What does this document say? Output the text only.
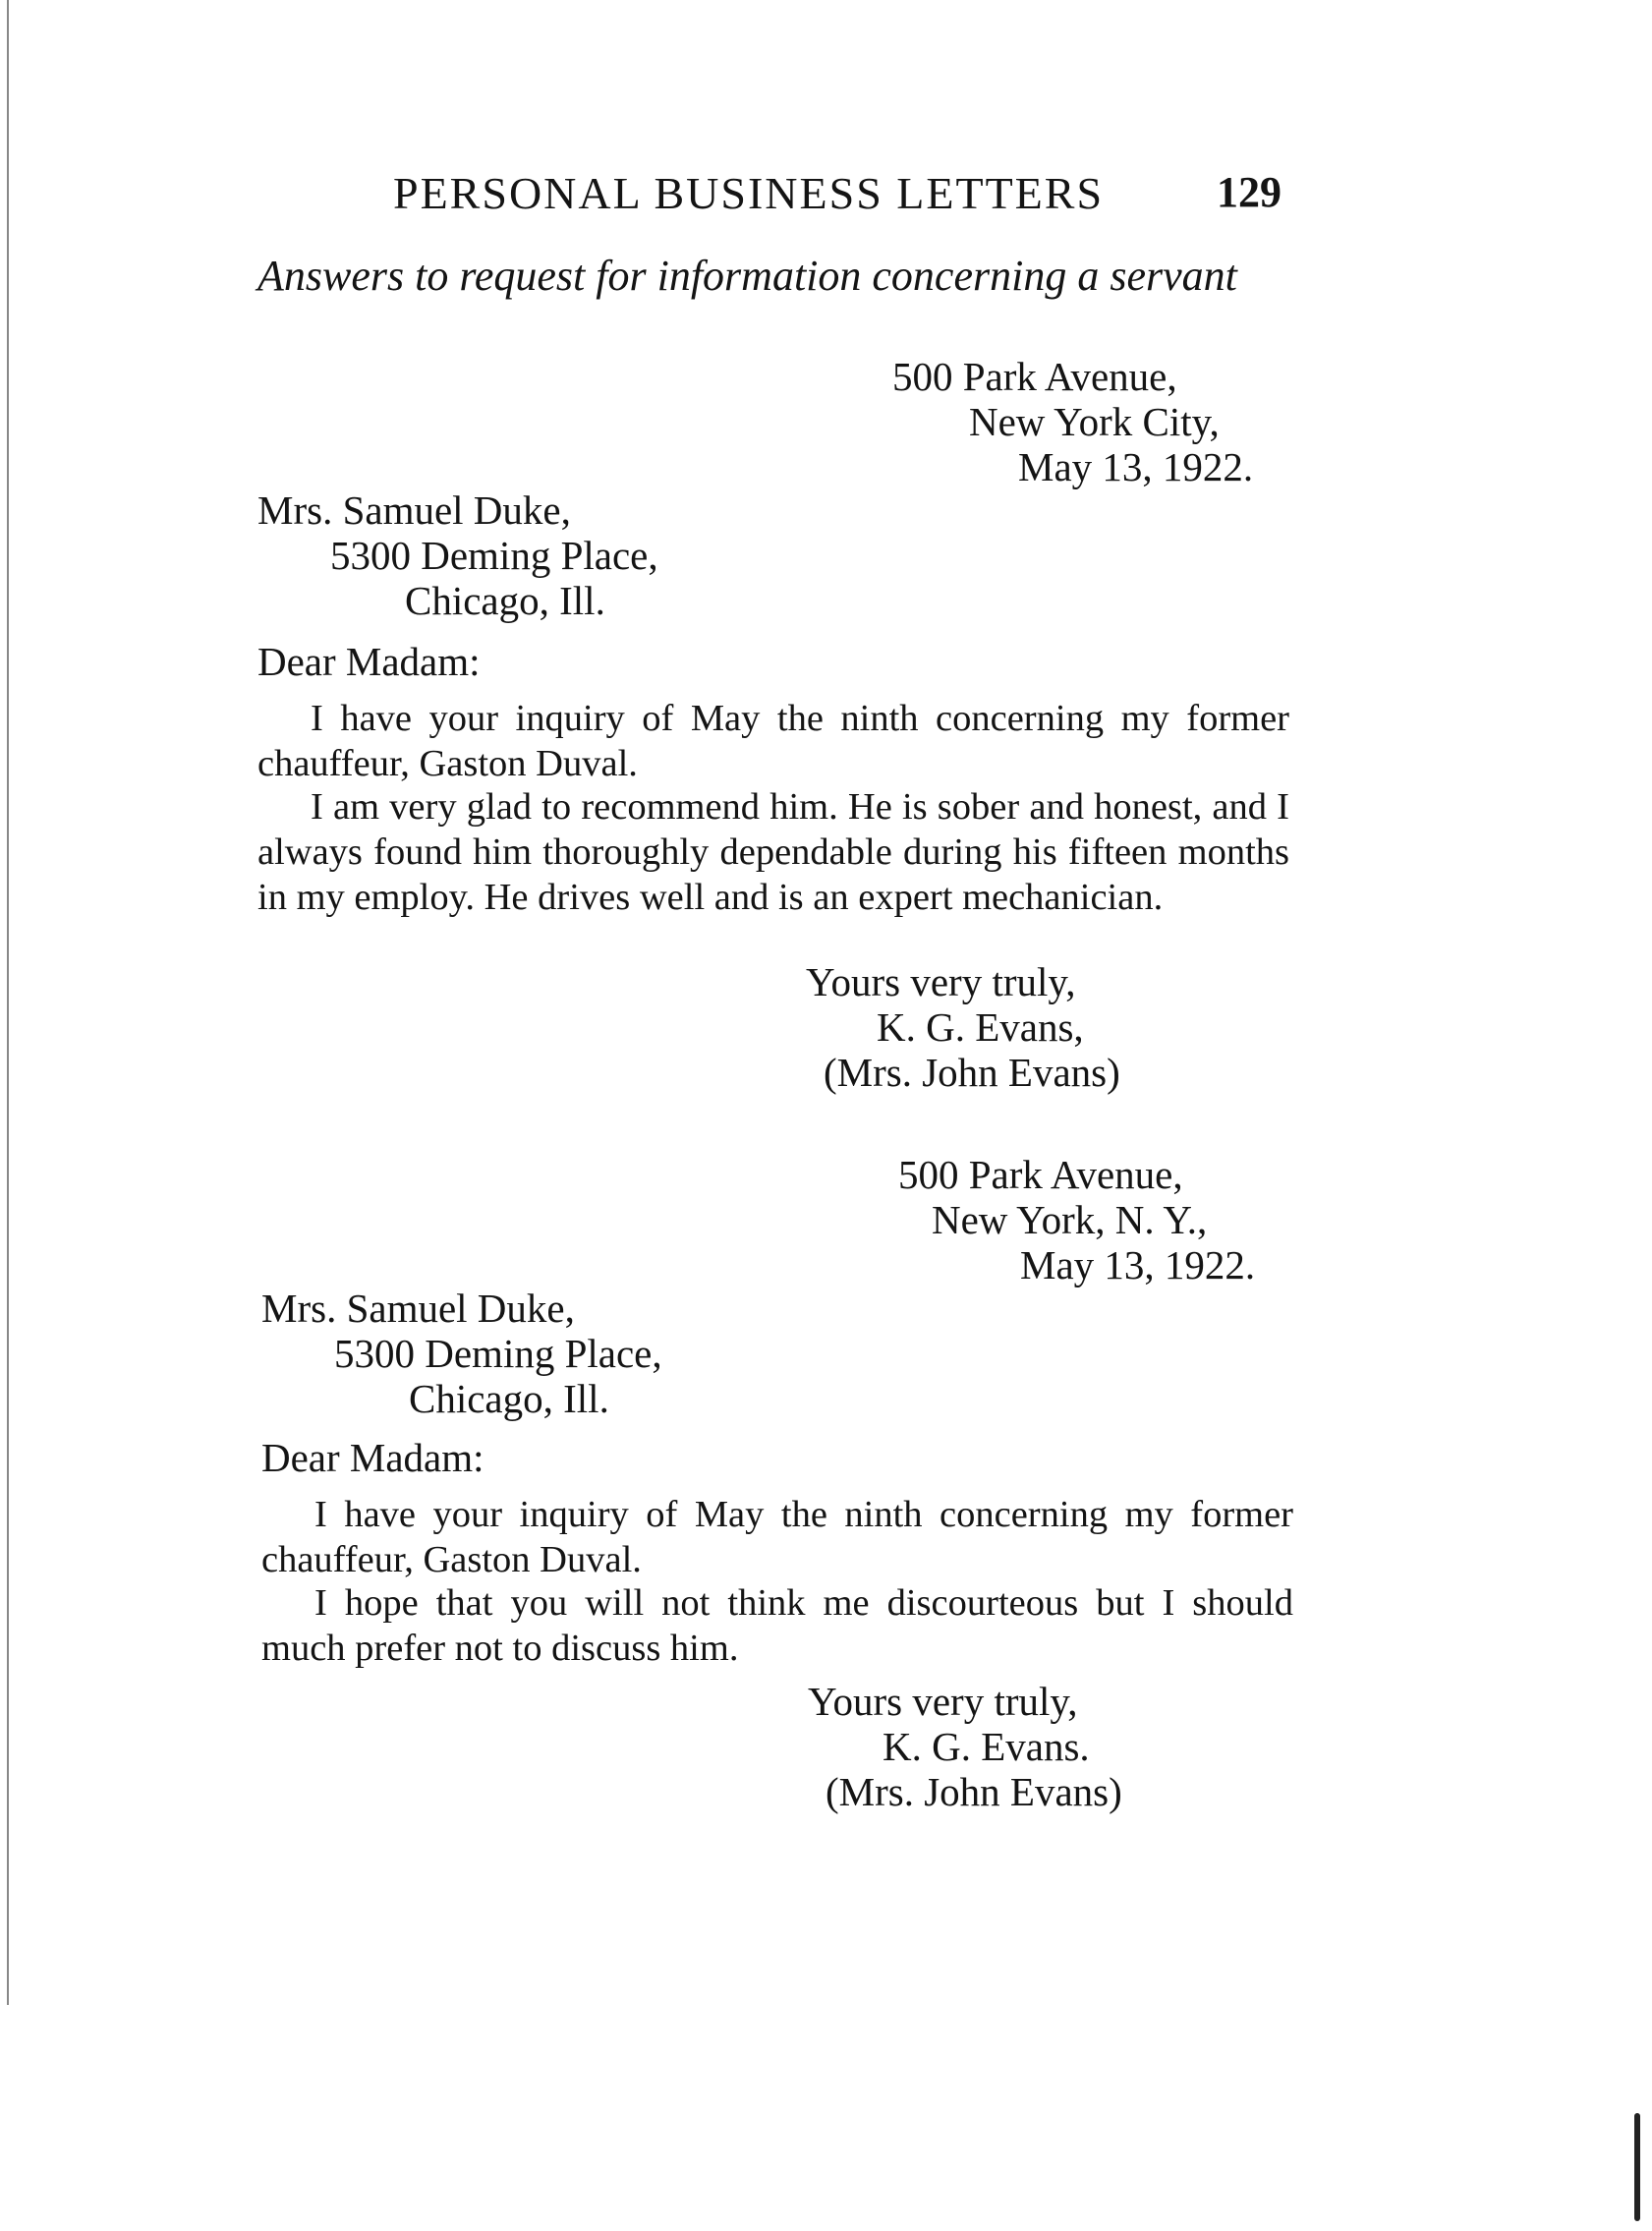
PERSONAL BUSINESS LETTERS	129
Answers to request for information concerning a servant
500 Park Avenue,
New York City,
May 13, 1922.
Mrs. Samuel Duke,
5300 Deming Place,
Chicago, Ill.
Dear Madam:
I have your inquiry of May the ninth concerning my former chauffeur, Gaston Duval.
I am very glad to recommend him. He is sober and honest, and I always found him thoroughly dependable during his fifteen months in my employ. He drives well and is an expert mechanician.
Yours very truly,
K. G. Evans,
(Mrs. John Evans)
500 Park Avenue,
New York, N. Y.,
May 13, 1922.
Mrs. Samuel Duke,
5300 Deming Place,
Chicago, Ill.
Dear Madam:
I have your inquiry of May the ninth concerning my former chauffeur, Gaston Duval.
I hope that you will not think me discourteous but I should much prefer not to discuss him.
Yours very truly,
K. G. Evans.
(Mrs. John Evans)
